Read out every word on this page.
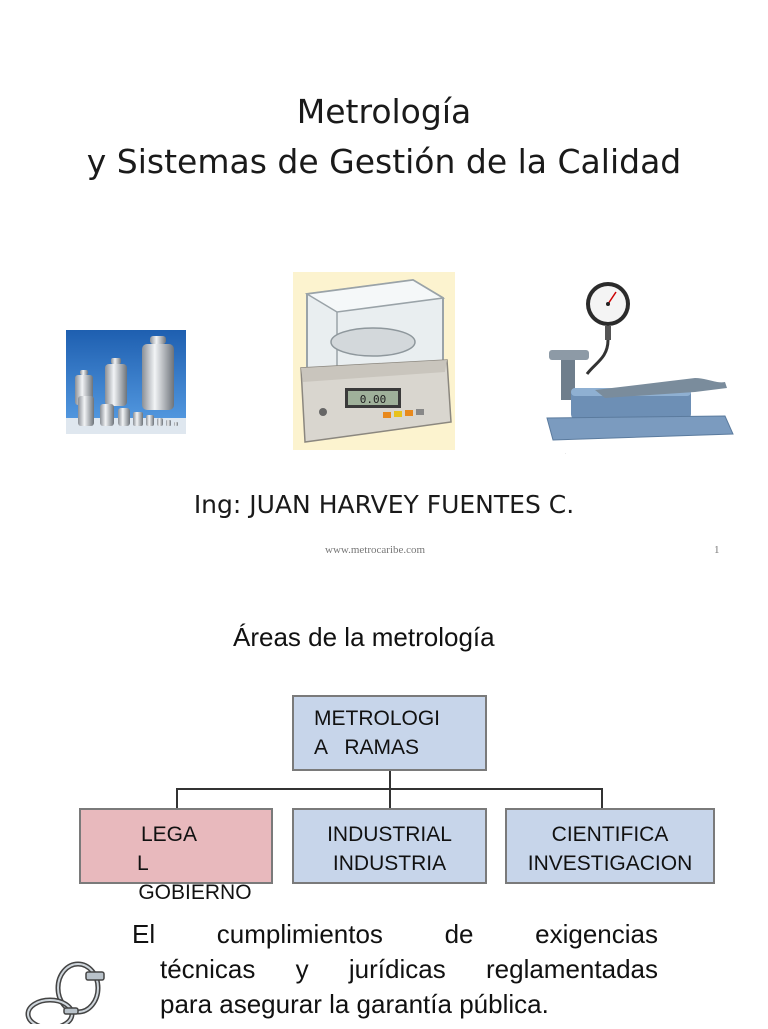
Metrología
y Sistemas de Gestión de la Calidad
0.00
.
Ing: JUAN HARVEY FUENTES C.
www.metrocaribe.com	1
Áreas de la metrología
METROLOGI
A   RAMAS
LEGA

GOBIERNO

L

INDUSTRIAL
INDUSTRIA
CIENTIFICA
INVESTIGACION
El cumplimientos de exigencias
técnicas y jurídicas reglamentadas
para asegurar la garantía pública.
